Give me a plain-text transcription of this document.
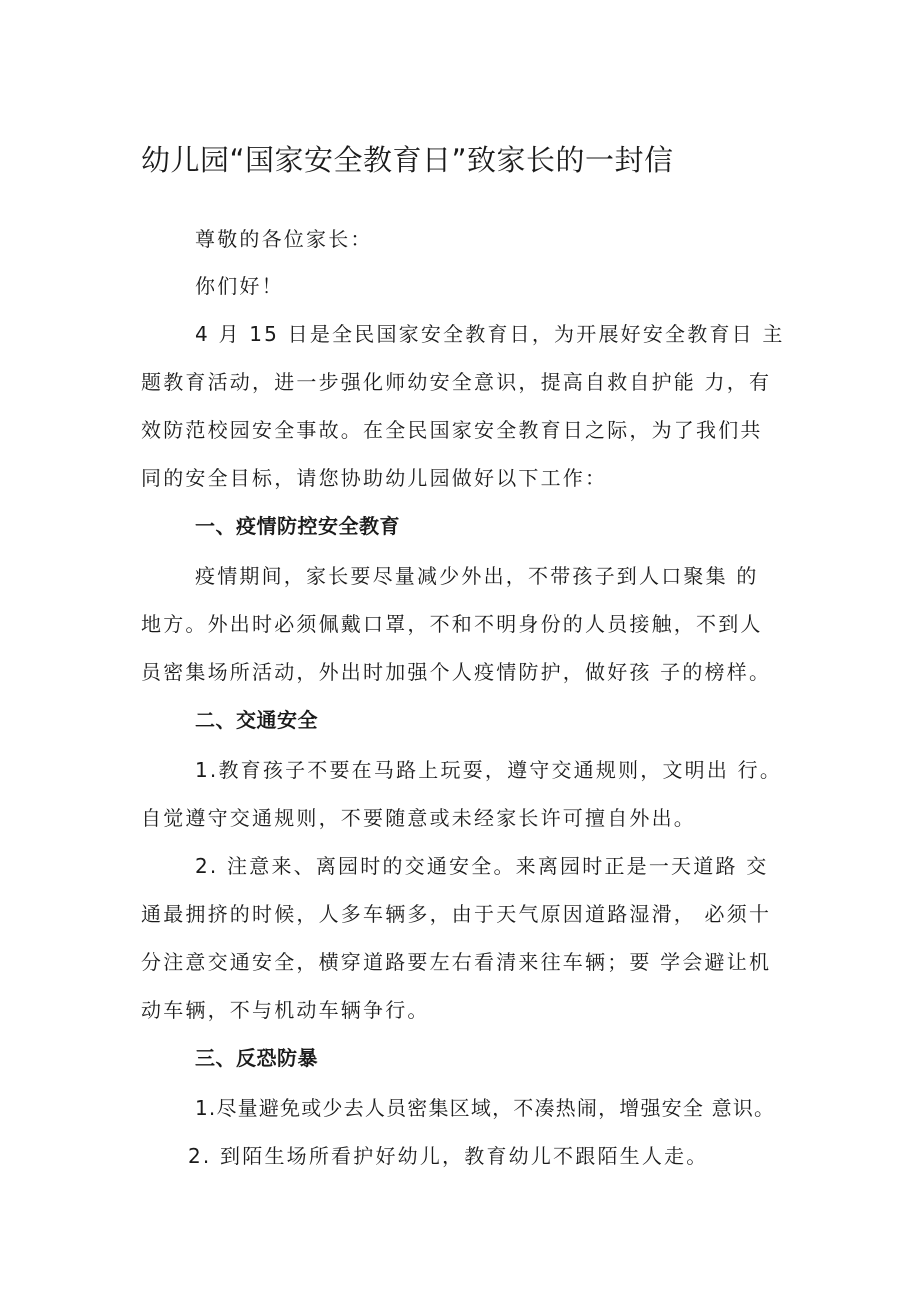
幼儿园“国家安全教育日”致家长的一封信

尊敬的各位家长：

你们好！

4 月 15 日是全民国家安全教育日，为开展好安全教育日 主

题教育活动，进一步强化师幼安全意识，提高自救自护能 力，有

效防范校园安全事故。在全民国家安全教育日之际，为了我们共

同的安全目标，请您协助幼儿园做好以下工作：

一、疫情防控安全教育

疫情期间，家长要尽量减少外出，不带孩子到人口聚集 的

地方。外出时必须佩戴口罩，不和不明身份的人员接触，不到人

员密集场所活动，外出时加强个人疫情防护，做好孩 子的榜样。

二、交通安全

1.教育孩子不要在马路上玩耍，遵守交通规则，文明出 行。

自觉遵守交通规则，不要随意或未经家长许可擅自外出。

2. 注意来、离园时的交通安全。来离园时正是一天道路 交

通最拥挤的时候，人多车辆多，由于天气原因道路湿滑， 必须十

分注意交通安全，横穿道路要左右看清来往车辆；要 学会避让机

动车辆，不与机动车辆争行。

三、反恐防暴

1.尽量避免或少去人员密集区域，不凑热闹，增强安全 意识。

2. 到陌生场所看护好幼儿，教育幼儿不跟陌生人走。
